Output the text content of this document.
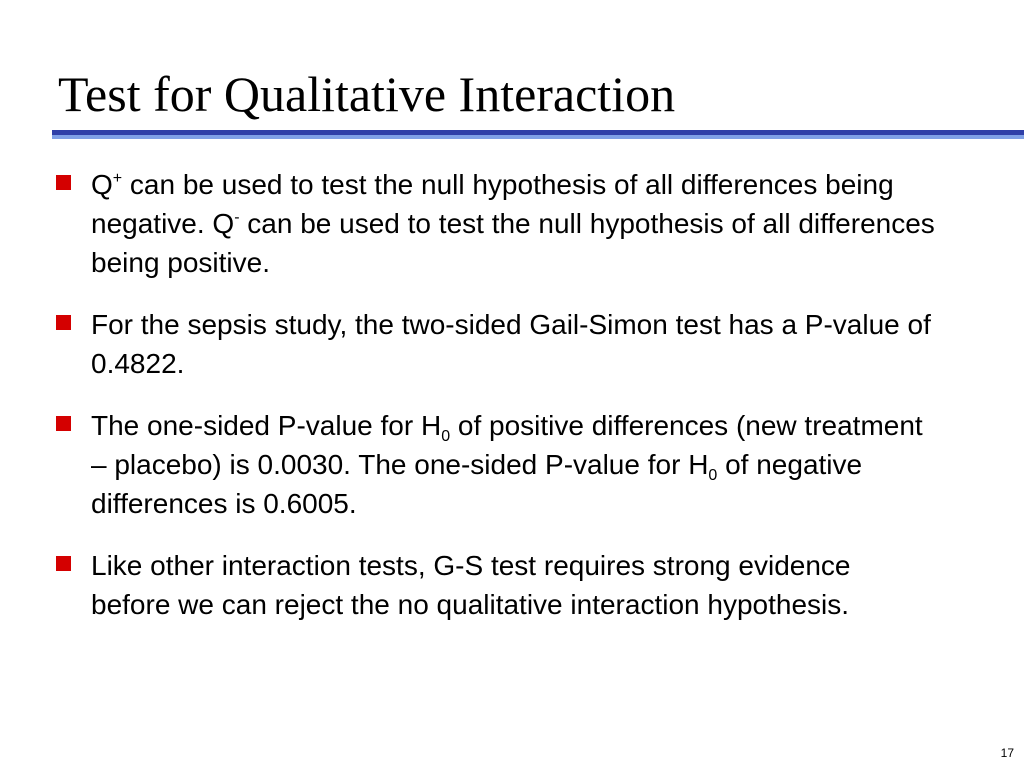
Test for Qualitative Interaction
Q+ can be used to test the null hypothesis of all differences being negative. Q- can be used to test the null hypothesis of all differences being positive.
For the sepsis study, the two-sided Gail-Simon test has a P-value of 0.4822.
The one-sided P-value for $H_0$ of positive differences (new treatment – placebo) is 0.0030. The one-sided P-value for $H_0$ of negative differences is 0.6005.
Like other interaction tests, G-S test requires strong evidence before we can reject the no qualitative interaction hypothesis.
17
